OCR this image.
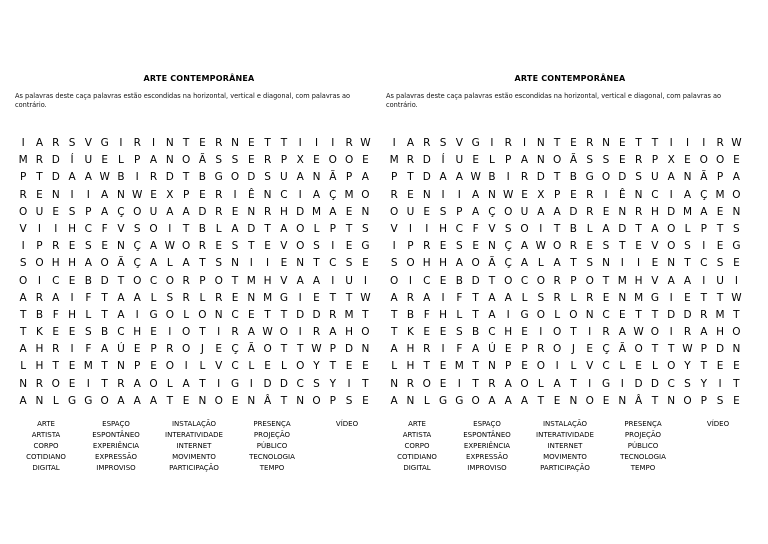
ARTE CONTEMPORÂNEA
As palavras deste caça palavras estão escondidas na horizontal, vertical e diagonal, com palavras ao contrário.
I	A R S V G	I	R	I	N T E R N E T T	I	I	I	R W
M R D	Í	U E L P A N O Ã S S E R P X E O O E
P T D A A W B	I	R D T B G O D S U A N Ã P A
R E N	I	I	A N W E X P E R	I	Ê N C	I	A Ç M O
O U E S P A Ç O U A A D R E N R H D M A E N
V	I	I	H C F V S O	I	T B L A D T A O L P T S
I	P R E S E N Ç A W O R E S T E V O S	I	E G
S O H H A O Ã Ç A L A T S N	I	I	E N T C S E
O	I	C E B D T O C O R P O T M H V A A	I	U	I
A R A	I	F T A A L S R L R E N M G	I	E T T W
T B F H L T A	I	G O L O N C E T T D D R M T
T K E E S B C H E	I	O T	I	R A W O	I	R A H O
A H R	I	F A Ú E P R O	J	E Ç Ã O T T W P D N
L H T E M T N P E O	I	L V C L E L O Y T E E
N R O E	I	T R A O L A T	I	G	I	D D C S Y	I	T
A N L G G O A A A T E N O E N Â T N O P S E
ARTE
ARTISTA
CORPO
COTIDIANO
DIGITAL
ESPAÇO
ESPONTÂNEO
EXPERIÊNCIA
EXPRESSÃO
IMPROVISO
INSTALAÇÃO
INTERATIVIDADE
INTERNET
MOVIMENTO
PARTICIPAÇÃO
PRESENÇA
PROJEÇÃO
PÚBLICO
TECNOLOGIA
TEMPO
VÍDEO
ARTE CONTEMPORÂNEA
As palavras deste caça palavras estão escondidas na horizontal, vertical e diagonal, com palavras ao contrário.
I	A R S V G	I	R	I	N T E R N E T T	I	I	I	R W
M R D	Í	U E L P A N O Ã S S E R P X E O O E
P T D A A W B	I	R D T B G O D S U A N Ã P A
R E N	I	I	A N W E X P E R	I	Ê N C	I	A Ç M O
O U E S P A Ç O U A A D R E N R H D M A E N
V	I	I	H C F V S O	I	T B L A D T A O L P T S
I	P R E S E N Ç A W O R E S T E V O S	I	E G
S O H H A O Ã Ç A L A T S N	I	I	E N T C S E
O	I	C E B D T O C O R P O T M H V A A	I	U	I
A R A	I	F T A A L S R L R E N M G	I	E T T W
T B F H L T A	I	G O L O N C E T T D D R M T
T K E E S B C H E	I	O T	I	R A W O	I	R A H O
A H R	I	F A Ú E P R O	J	E Ç Ã O T T W P D N
L H T E M T N P E O	I	L V C L E L O Y T E E
N R O E	I	T R A O L A T	I	G	I	D D C S Y	I	T
A N L G G O A A A T E N O E N Â T N O P S E
ARTE
ARTISTA
CORPO
COTIDIANO
DIGITAL
ESPAÇO
ESPONTÂNEO
EXPERIÊNCIA
EXPRESSÃO
IMPROVISO
INSTALAÇÃO
INTERATIVIDADE
INTERNET
MOVIMENTO
PARTICIPAÇÃO
PRESENÇA
PROJEÇÃO
PÚBLICO
TECNOLOGIA
TEMPO
VÍDEO
